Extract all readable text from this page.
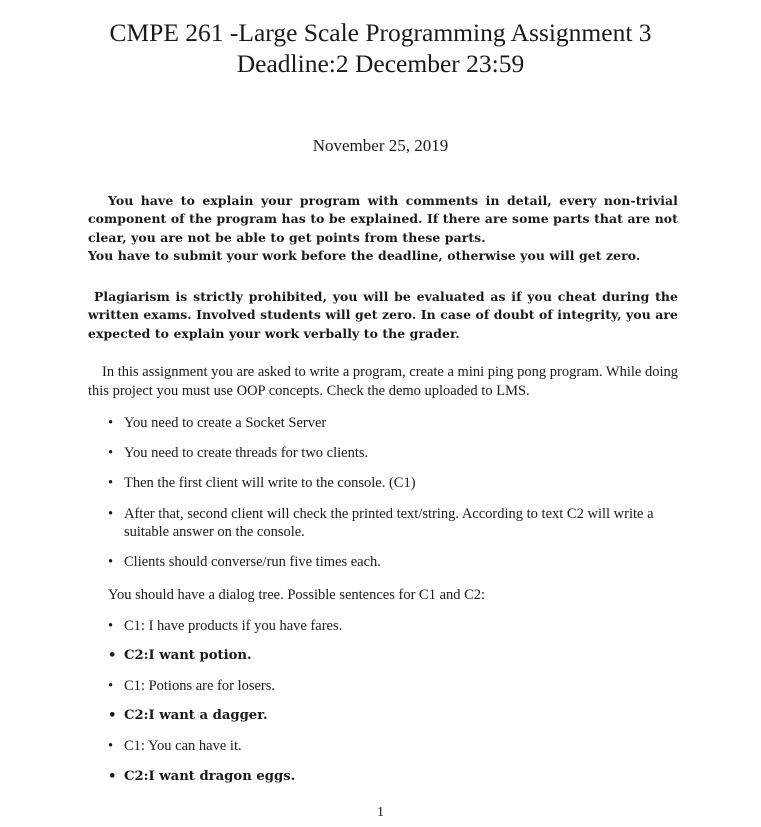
CMPE 261 -Large Scale Programming Assignment 3
Deadline:2 December 23:59
November 25, 2019
You have to explain your program with comments in detail, every non-trivial component of the program has to be explained. If there are some parts that are not clear, you are not be able to get points from these parts.
You have to submit your work before the deadline, otherwise you will get zero.
Plagiarism is strictly prohibited, you will be evaluated as if you cheat during the written exams. Involved students will get zero. In case of doubt of integrity, you are expected to explain your work verbally to the grader.
In this assignment you are asked to write a program, create a mini ping pong program. While doing this project you must use OOP concepts. Check the demo uploaded to LMS.
• You need to create a Socket Server
• You need to create threads for two clients.
• Then the first client will write to the console. (C1)
• After that, second client will check the printed text/string. According to text C2 will write a suitable answer on the console.
• Clients should converse/run five times each.
You should have a dialog tree. Possible sentences for C1 and C2:
• C1: I have products if you have fares.
• C2:I want potion.
• C1: Potions are for losers.
• C2:I want a dagger.
• C1: You can have it.
• C2:I want dragon eggs.
1
